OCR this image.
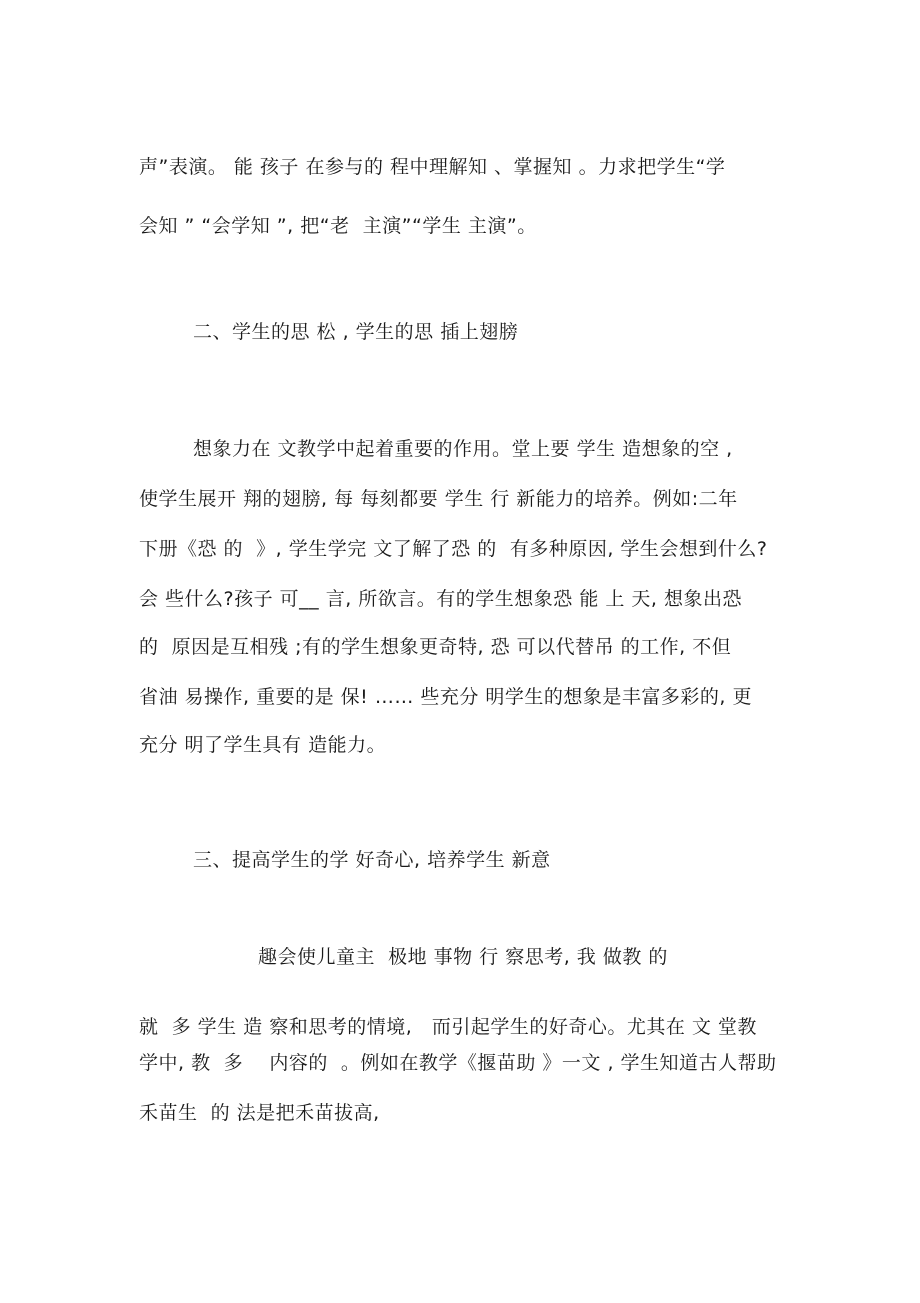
声”表演。 能 孩子 在参与的 程中理解知 、掌握知 。力求把学生“学
会知 ” “会学知 ”, 把“老  主演”“学生 主演”。
二、学生的思 松 , 学生的思 插上翅膀
想象力在 文教学中起着重要的作用。堂上要 学生 造想象的空 ,
使学生展开 翔的翅膀, 每 每刻都要 学生 行 新能力的培养。例如:二年
下册《恐 的  》, 学生学完 文了解了恐 的  有多种原因, 学生会想到什么?
会 些什么?孩子 可__ 言, 所欲言。有的学生想象恐 能 上 天, 想象出恐
的  原因是互相残 ;有的学生想象更奇特, 恐 可以代替吊 的工作, 不但
省油 易操作, 重要的是 保! …… 些充分 明学生的想象是丰富多彩的, 更
充分 明了学生具有 造能力。
三、提高学生的学 好奇心, 培养学生 新意
趣会使儿童主  极地 事物 行 察思考, 我 做教 的
就  多 学生 造 察和思考的情境,   而引起学生的好奇心。尤其在 文 堂教
学中, 教  多    内容的  。例如在教学《揠苗助 》一文 , 学生知道古人帮助
禾苗生  的 法是把禾苗拔高,
